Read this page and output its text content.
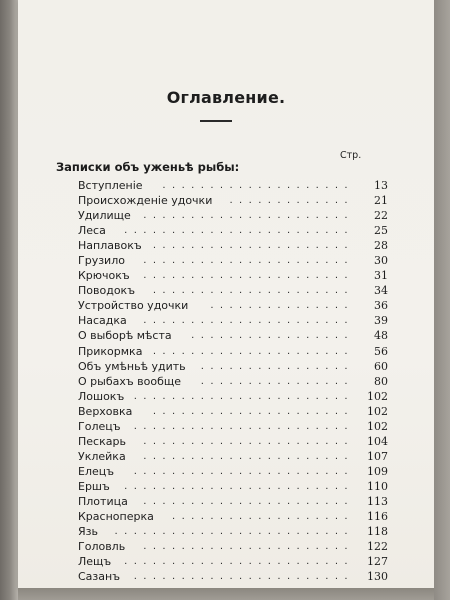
Оглавление.
Стр.
Записки объ уженьѣ рыбы:
Вступленіе ....................	13
Происхожденіе удочки .............	21
Удилище ......................	22
Леса ........................	25
Наплавокъ .....................	28
Грузило ......................	30
Крючокъ ......................	31
Поводокъ .....................	34
Устройство удочки ...............	36
Насадка ......................	39
О выборѣ мѣста .................	48
Прикормка .....................	56
Объ умѣньѣ удить ................	60
О рыбахъ вообще ................	80
Лошокъ .......................	102
Верховка .....................	102
Голецъ .......................	102
Пескарь ......................	104
Уклейка ......................	107
Елецъ .......................	109
Ершъ ........................	110
Плотица ......................	113
Красноперка ...................	116
Язь .........................	118
Головль ......................	122
Лещъ ........................	127
Сазанъ .......................	130
